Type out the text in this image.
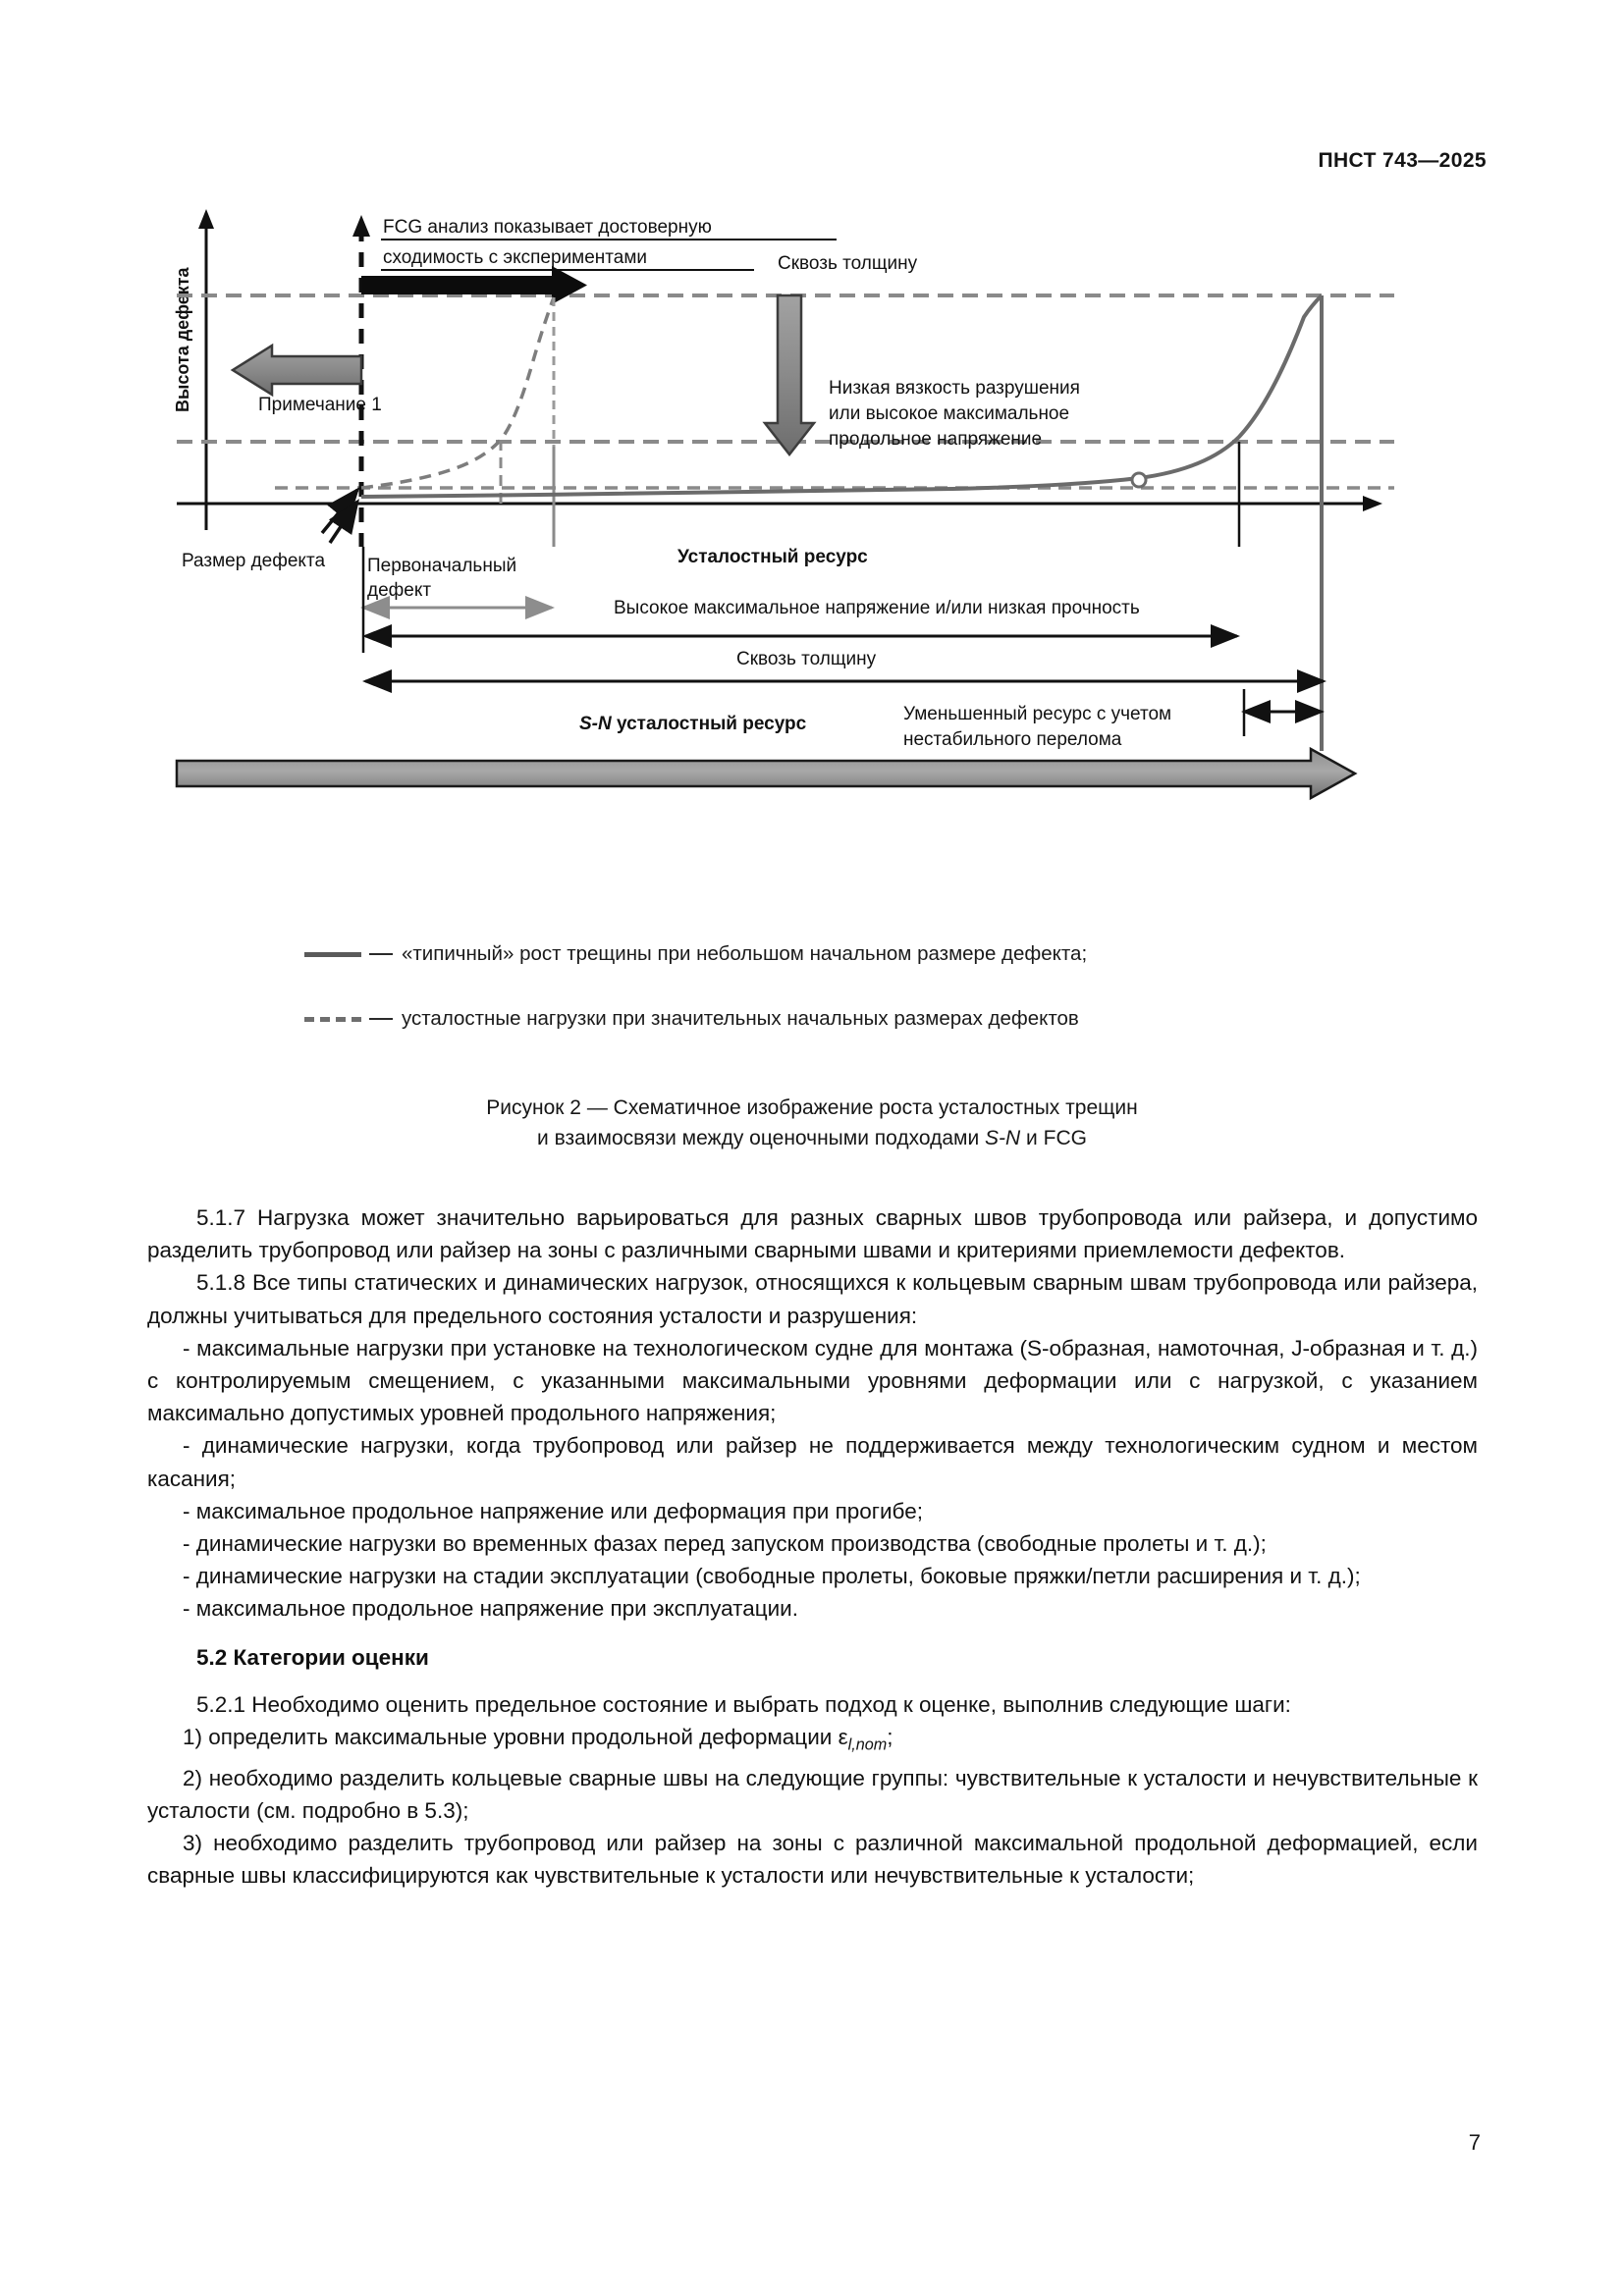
ПНСТ 743—2025
Высота дефекта
FCG анализ показывает достоверную
сходимость с экспериментами
Примечание 1
Сквозь толщину
Низкая вязкость разрушения
или высокое максимальное
продольное напряжение
Размер дефекта Первоначальный
дефект
Усталостный ресурс
Высокое максимальное напряжение и/или низкая прочность
Сквозь толщину
S-N усталостный ресурс	Уменьшенный ресурс с учетом
нестабильного перелома
«типичный» рост трещины при небольшом начальном размере дефекта;
усталостные нагрузки при значительных начальных размерах дефектов
Рисунок 2 — Схематичное изображение роста усталостных трещин
и взаимосвязи между оценочными подходами S-N и FCG

5.1.7 Нагрузка может значительно варьироваться для разных сварных швов трубопровода или райзера, и допустимо разделить трубопровод или райзер на зоны с различными сварными швами и критериями приемлемости дефектов.

5.1.8 Все типы статических и динамических нагрузок, относящихся к кольцевым сварным швам трубопровода или райзера, должны учитываться для предельного состояния усталости и разрушения:

- максимальные нагрузки при установке на технологическом судне для монтажа (S-образная, намоточная, J-образная и т. д.) с контролируемым смещением, с указанными максимальными уровнями деформации или с нагрузкой, с указанием максимально допустимых уровней продольного напряжения;

- динамические нагрузки, когда трубопровод или райзер не поддерживается между технологическим судном и местом касания;

- максимальное продольное напряжение или деформация при прогибе;

- динамические нагрузки во временных фазах перед запуском производства (свободные пролеты и т. д.);

- динамические нагрузки на стадии эксплуатации (свободные пролеты, боковые пряжки/петли расширения и т. д.);

- максимальное продольное напряжение при эксплуатации.

5.2 Категории оценки

5.2.1 Необходимо оценить предельное состояние и выбрать подход к оценке, выполнив следующие шаги:

1) определить максимальные уровни продольной деформации $\varepsilon_{l,nom}$;

2) необходимо разделить кольцевые сварные швы на следующие группы: чувствительные к усталости и нечувствительные к усталости (см. подробно в 5.3);

3) необходимо разделить трубопровод или райзер на зоны с различной максимальной продольной деформацией, если сварные швы классифицируются как чувствительные к усталости или нечувствительные к усталости;

7
